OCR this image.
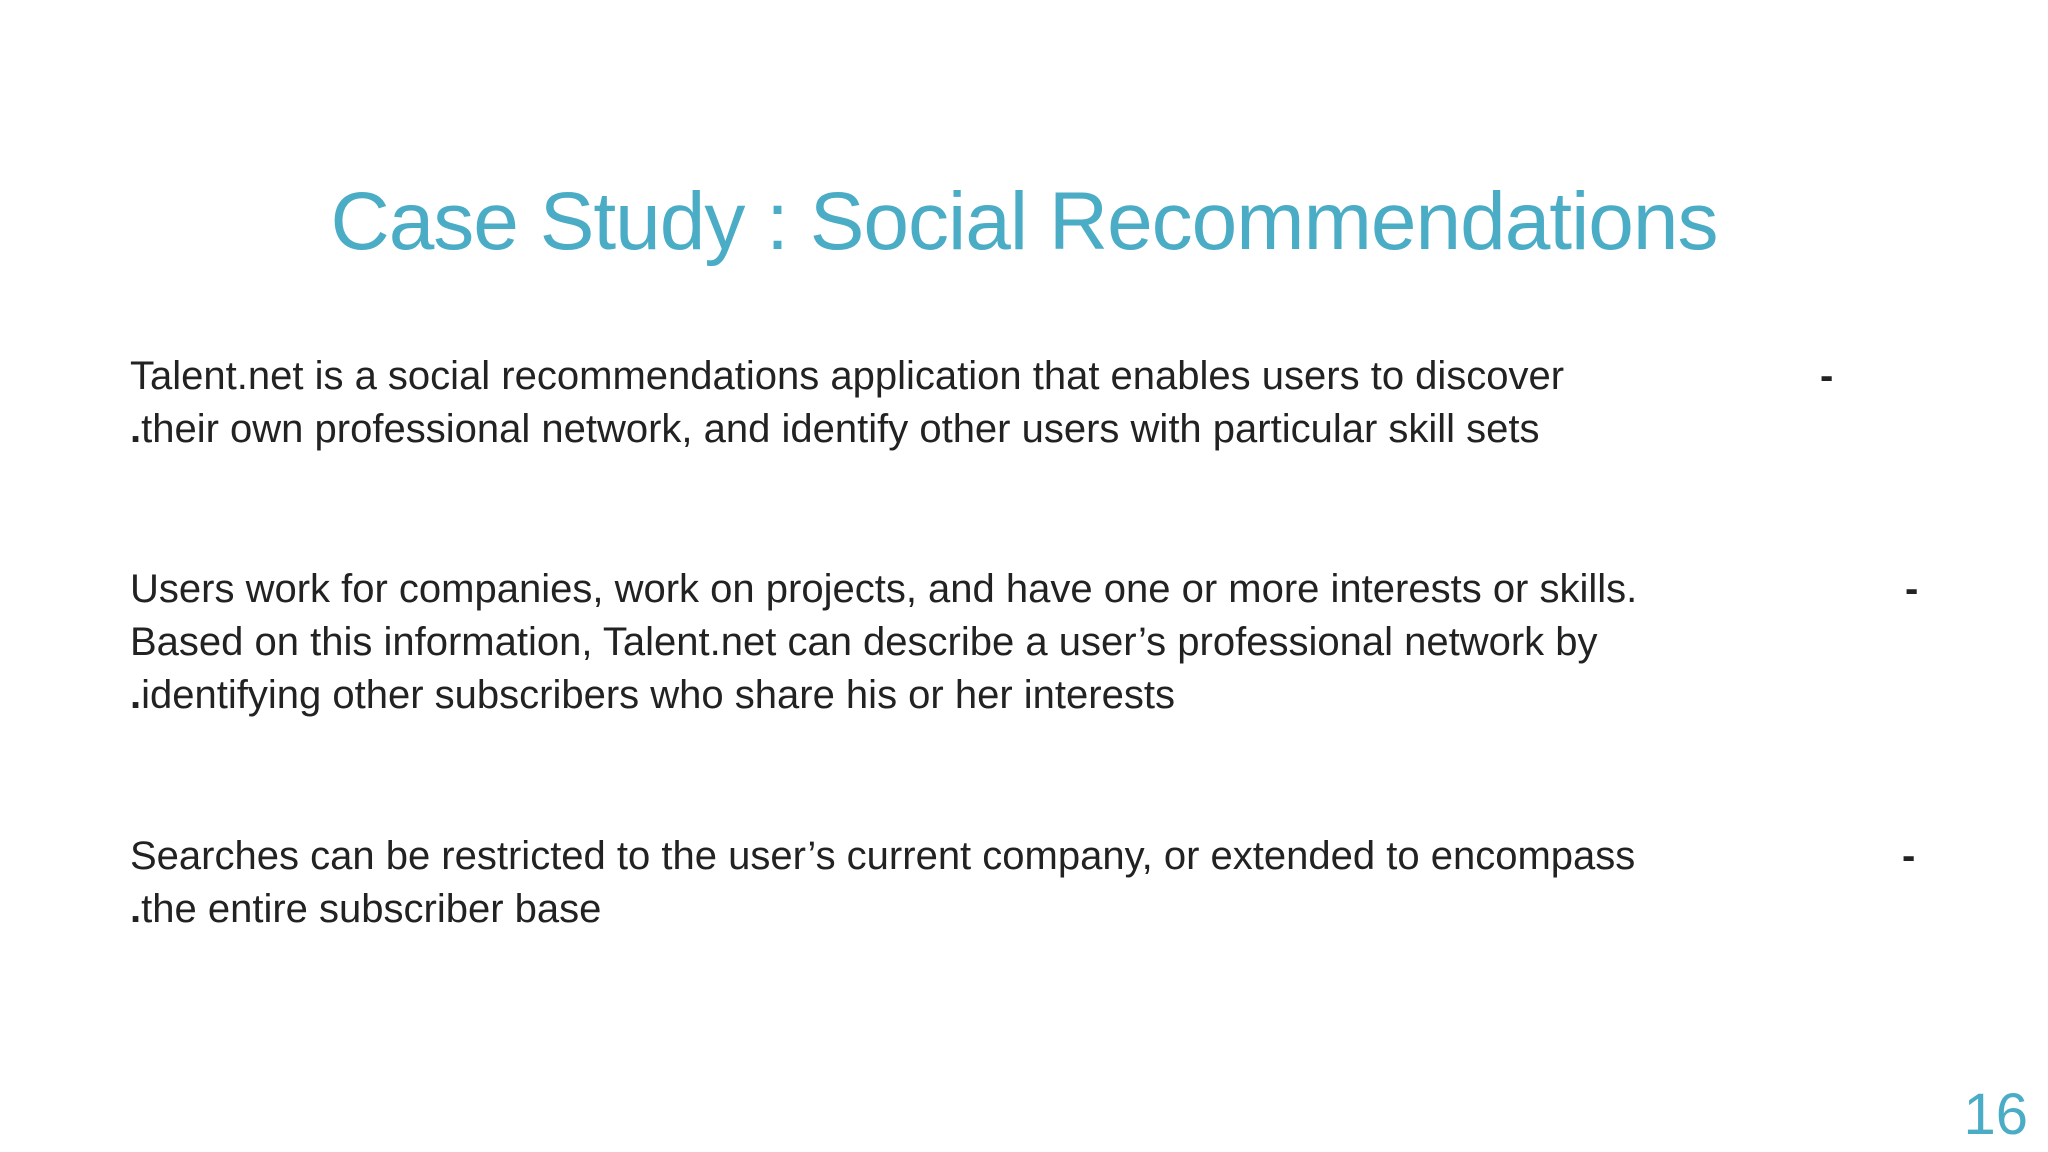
Case Study : Social Recommendations
Talent.net is a social recommendations application that enables users to discover	-
.their own professional network, and identify other users with particular skill sets
Users work for companies, work on projects, and have one or more interests or skills.	-
Based on this information, Talent.net can describe a user’s professional network by
.identifying other subscribers who share his or her interests
Searches can be restricted to the user’s current company, or extended to encompass	-
.the entire subscriber base
16
